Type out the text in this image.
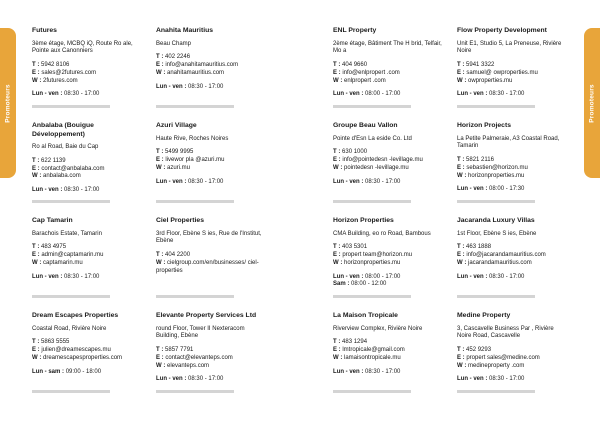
Promoteurs
Futures
3ème étage, MCBQ iQ, Route Ro ale, Pointe aux Canonniers
T : 5942 8106
E : sales@2futures.com
W : 2futures.com
Lun - ven : 08:30 - 17:00
Anahita Mauritius
Beau Champ
T : 402 2246
E : info@anahitamauritius.com
W : anahitamauritius.com
Lun - ven : 08:30 - 17:00
Anbalaba (Bouigue Développement)
Ro al Road, Baie du Cap
T : 622 1139
E : contact@anbalaba.com
W : anbalaba.com
Lun - ven : 08:30 - 17:00
Azuri Village
Haute Rive, Roches Noires
T : 5499 9995
E : livewor pla @azuri.mu
W : azuri.mu
Lun - ven : 08:30 - 17:00
Cap Tamarin
Barachois Estate, Tamarin
T : 483 4975
E : admin@captamarin.mu
W : captamarin.mu
Lun - ven : 08:30 - 17:00
Ciel Properties
3rd Floor, Ebène S ies, Rue de l'Institut, Ebène
T : 404 2200
W : cielgroup.com/en/businesses/ ciel-properties
Dream Escapes Properties
Coastal Road, Rivière Noire
T : 5863 5555
E : julien@dreamescapes.mu
W : dreamescapesproperties.com
Lun - sam : 09:00 - 18:00
Elevante Property Services Ltd
round Floor, Tower II Nexteracom Building, Ebène
T : 5857 7791
E : contact@elevanteps.com
W : elevanteps.com
Lun - ven : 08:30 - 17:00
Promoteurs
ENL Property
2ème étage, Bâtiment The H brid, Telfair, Mo a
T : 404 9660
E : info@enlpropert .com
W : enlpropert .com
Lun - ven : 08:00 - 17:00
Flow Property Development
Unit E1, Studio 5, La Preneuse, Rivière Noire
T : 5941 3322
E : samuel@ owproperties.mu
W : owproperties.mu
Lun - ven : 08:30 - 17:00
Groupe Beau Vallon
Pointe d'Esn La eside Co. Ltd
T : 630 1000
E : info@pointedesn -levillage.mu
W : pointedesn -levillage.mu
Lun - ven : 08:30 - 17:00
Horizon Projects
La Petite Palmeraie, A3 Coastal Road, Tamarin
T : 5821 2116
E : sebastien@horizon.mu
W : horizonproperties.mu
Lun - ven : 08:00 - 17:30
Horizon Properties
CMA Building, eo ro Road, Bambous
T : 403 5301
E : propert team@horizon.mu
W : horizonproperties.mu
Lun - ven : 08:00 - 17:00
Sam : 08:00 - 12:00
Jacaranda Luxury Villas
1st Floor, Ebène S ies, Ebène
T : 463 1888
E : info@jacarandamauritius.com
W : jacarandamauritius.com
Lun - ven : 08:30 - 17:00
La Maison Tropicale
Riverview Complex, Rivière Noire
T : 483 1294
E : lmtropicale@gmail.com
W : lamaisontropicale.mu
Lun - ven : 08:30 - 17:00
Medine Property
3, Cascavelle Business Par , Rivière Noire Road, Cascavelle
T : 452 9293
E : propert sales@medine.com
W : medineproperty .com
Lun - ven : 08:30 - 17:00
